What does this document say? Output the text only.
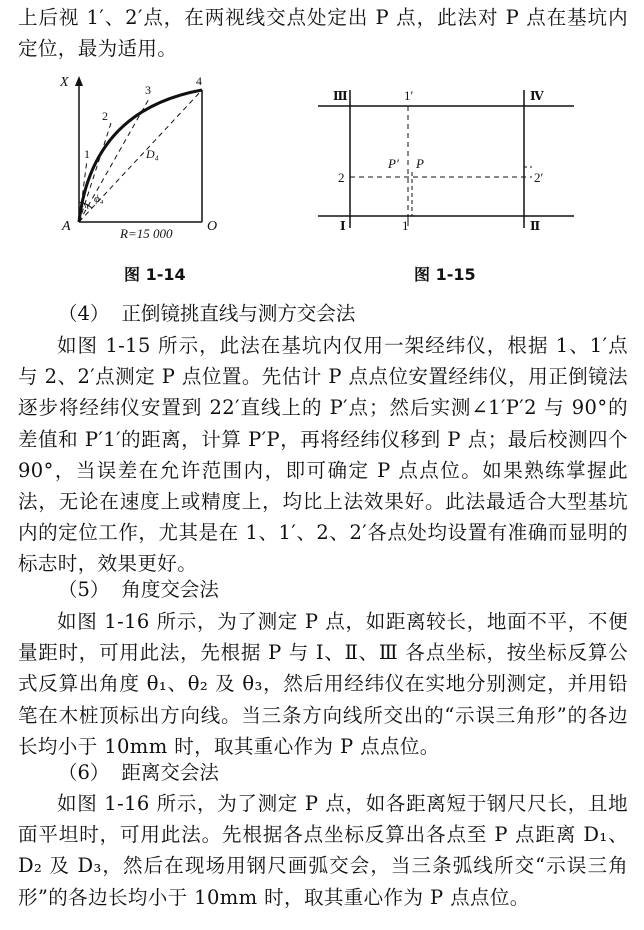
上后视 1′、2′点，在两视线交点处定出 P 点，此法对 P 点在基坑内定位，最为适用。

X
A	O
R=15 000
1
2
3
4
D₄
ϕ₄
Ⅲ	Ⅳ
Ⅰ	Ⅱ
1′
1
2	2′
P′ P

图 1-14	图 1-15

（4） 正倒镜挑直线与测方交会法

如图 1-15 所示，此法在基坑内仅用一架经纬仪，根据 1、1′点与 2、2′点测定 P 点位置。先估计 P 点点位安置经纬仪，用正倒镜法逐步将经纬仪安置到 22′直线上的 P′点；然后实测∠1′P′2 与 90°的差值和 P′1′的距离，计算 P′P，再将经纬仪移到 P 点；最后校测四个 90°，当误差在允许范围内，即可确定 P 点点位。如果熟练掌握此法，无论在速度上或精度上，均比上法效果好。此法最适合大型基坑内的定位工作，尤其是在 1、1′、2、2′各点处均设置有准确而显明的标志时，效果更好。

（5） 角度交会法

如图 1-16 所示，为了测定 P 点，如距离较长，地面不平，不便量距时，可用此法，先根据 P 与 Ⅰ、Ⅱ、Ⅲ 各点坐标，按坐标反算公式反算出角度 θ₁、θ₂ 及 θ₃，然后用经纬仪在实地分别测定，并用铅笔在木桩顶标出方向线。当三条方向线所交出的“示误三角形”的各边长均小于 10mm 时，取其重心作为 P 点点位。

（6） 距离交会法

如图 1-16 所示，为了测定 P 点，如各距离短于钢尺尺长，且地面平坦时，可用此法。先根据各点坐标反算出各点至 P 点距离 D₁、D₂ 及 D₃，然后在现场用钢尺画弧交会，当三条弧线所交“示误三角形”的各边长均小于 10mm 时，取其重心作为 P 点点位。
